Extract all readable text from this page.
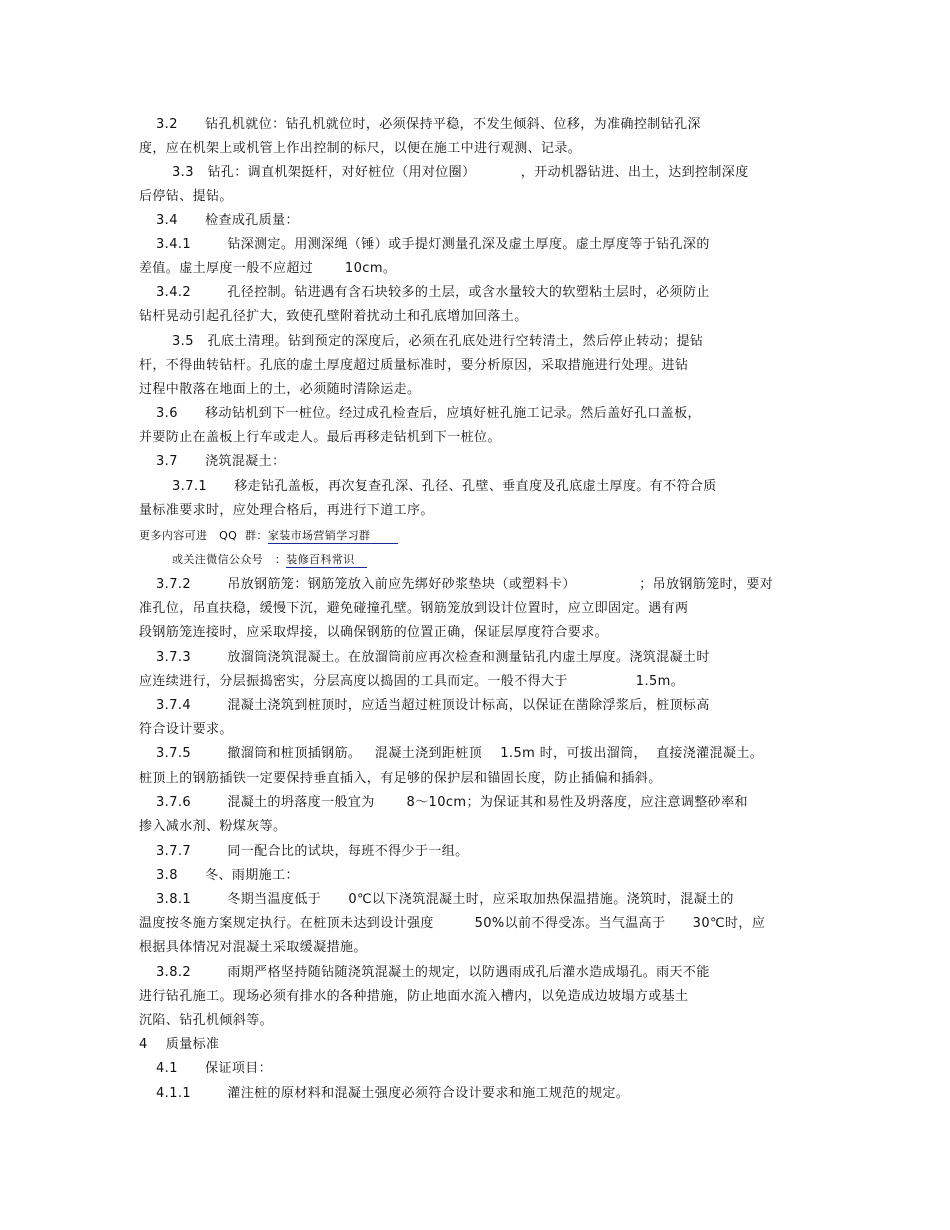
3.2      钻孔机就位：钻孔机就位时，必须保持平稳，不发生倾斜、位移，为准确控制钻孔深
度，应在机架上或机管上作出控制的标尺，以便在施工中进行观测、记录。
3.3   钻孔：调直机架挺杆，对好桩位（用对位圈）          ，开动机器钻进、出土，达到控制深度
后停钻、提钻。
3.4      检查成孔质量：
3.4.1        钻深测定。用测深绳（锤）或手提灯测量孔深及虚土厚度。虚土厚度等于钻孔深的
差值。虚土厚度一般不应超过       10cm。
3.4.2        孔径控制。钻进遇有含石块较多的土层，或含水量较大的软塑粘土层时，必须防止
钻杆晃动引起孔径扩大，致使孔壁附着扰动土和孔底增加回落土。
3.5   孔底土清理。钻到预定的深度后，必须在孔底处进行空转清土，然后停止转动；提钻
杆，不得曲转钻杆。孔底的虚土厚度超过质量标准时，要分析原因，采取措施进行处理。进钻
过程中散落在地面上的土，必须随时清除运走。
3.6      移动钻机到下一桩位。经过成孔检查后，应填好桩孔施工记录。然后盖好孔口盖板，
并要防止在盖板上行车或走人。最后再移走钻机到下一桩位。
3.7      浇筑混凝土：
3.7.1      移走钻孔盖板，再次复查孔深、孔径、孔壁、垂直度及孔底虚土厚度。有不符合质
量标准要求时，应处理合格后，再进行下道工序。
更多内容可进   QQ  群：家装市场营销学习群
或关注微信公众号   ：装修百科常识
3.7.2        吊放钢筋笼：钢筋笼放入前应先绑好砂浆垫块（或塑料卡）              ；吊放钢筋笼时，要对
准孔位，吊直扶稳，缓慢下沉，避免碰撞孔壁。钢筋笼放到设计位置时，应立即固定。遇有两
段钢筋笼连接时，应采取焊接，以确保钢筋的位置正确，保证层厚度符合要求。
3.7.3        放溜筒浇筑混凝土。在放溜筒前应再次检查和测量钻孔内虚土厚度。浇筑混凝土时
应连续进行，分层振捣密实，分层高度以捣固的工具而定。一般不得大于               1.5m。
3.7.4        混凝土浇筑到桩顶时，应适当超过桩顶设计标高，以保证在凿除浮浆后，桩顶标高
符合设计要求。
3.7.5        撤溜筒和桩顶插钢筋。   混凝土浇到距桩顶    1.5m 时，可拔出溜筒，  直接浇灌混凝土。
桩顶上的钢筋插铁一定要保持垂直插入，有足够的保护层和锚固长度，防止插偏和插斜。
3.7.6        混凝土的坍落度一般宜为       8～10cm；为保证其和易性及坍落度，应注意调整砂率和
掺入减水剂、粉煤灰等。
3.7.7        同一配合比的试块，每班不得少于一组。
3.8      冬、雨期施工：
3.8.1        冬期当温度低于      0℃以下浇筑混凝土时，应采取加热保温措施。浇筑时，混凝土的
温度按冬施方案规定执行。在桩顶未达到设计强度         50%以前不得受冻。当气温高于      30℃时，应
根据具体情况对混凝土采取缓凝措施。
3.8.2        雨期严格坚持随钻随浇筑混凝土的规定，以防遇雨成孔后灌水造成塌孔。雨天不能
进行钻孔施工。现场必须有排水的各种措施，防止地面水流入槽内，以免造成边坡塌方或基土
沉陷、钻孔机倾斜等。
4    质量标准
4.1      保证项目：
4.1.1        灌注桩的原材料和混凝土强度必须符合设计要求和施工规范的规定。
